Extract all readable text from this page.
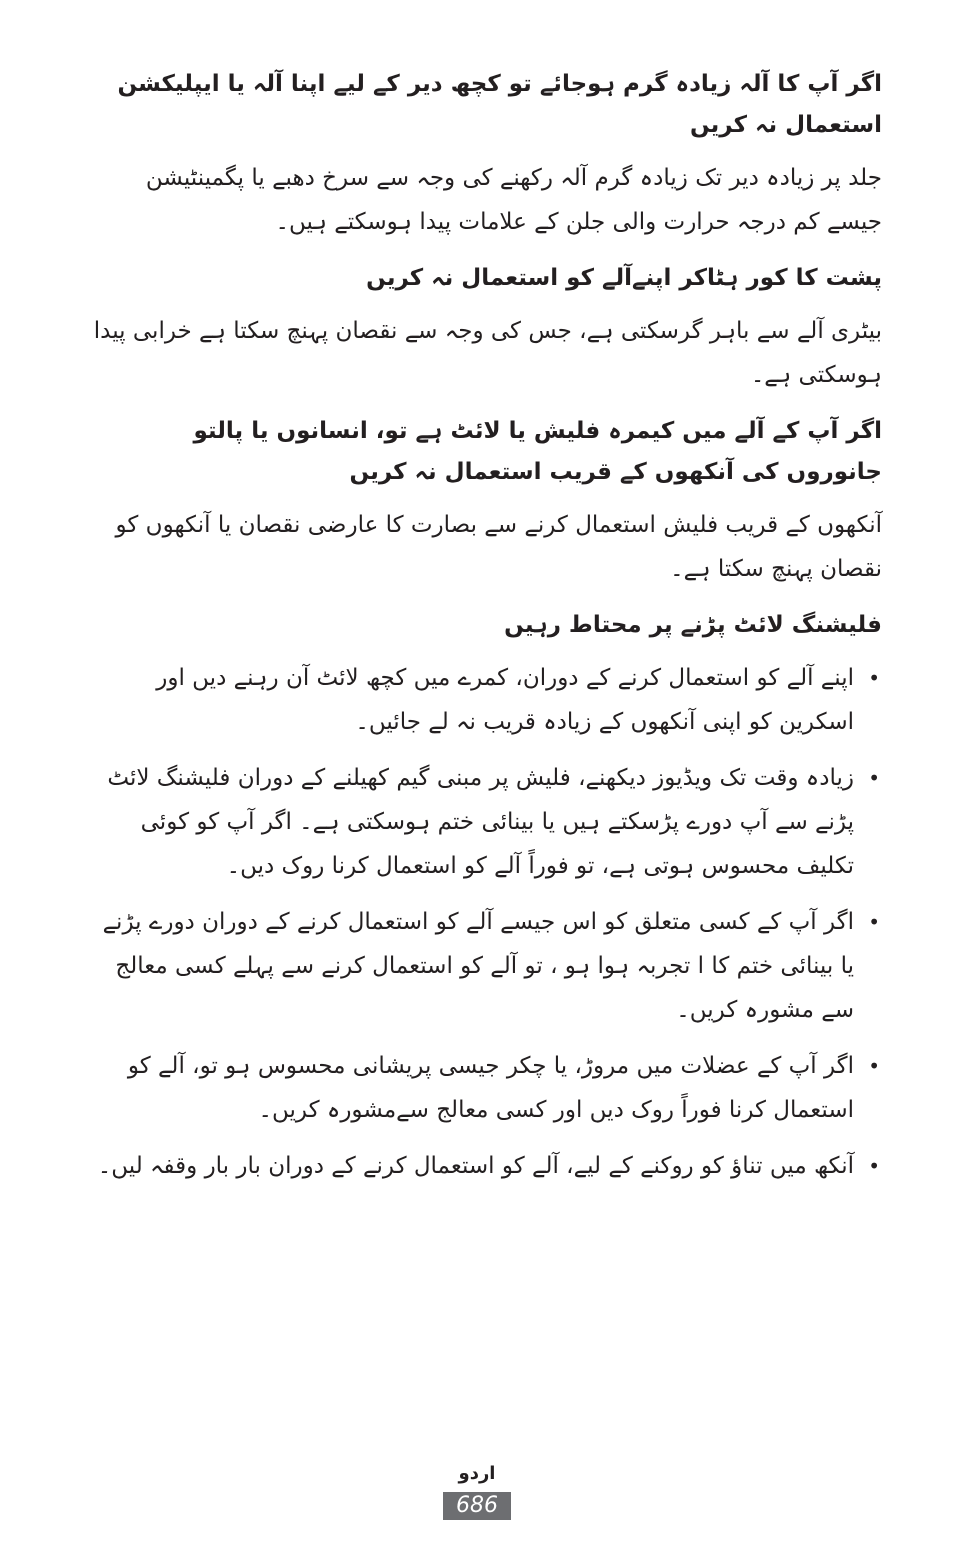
اگر آپ کا آلہ زیادہ گرم ہوجائے تو کچھ دیر کے لیے اپنا آلہ یا ایپلیکشن استعمال نہ کریں

جلد پر زیادہ دیر تک زیادہ گرم آلہ رکھنے کی وجہ سے سرخ دھبے یا پگمینٹیشن جیسے کم درجہ حرارت والی جلن کے علامات پیدا ہوسکتے ہیں۔

پشت کا کور ہٹاکر اپنےآلے کو استعمال نہ کریں

بیٹری آلے سے باہر گرسکتی ہے، جس کی وجہ سے نقصان پہنچ سکتا ہے خرابی پیدا ہوسکتی ہے۔

اگر آپ کے آلے میں کیمرہ فلیش یا لائٹ ہے تو، انسانوں یا پالتو جانوروں کی آنکھوں کے قریب استعمال نہ کریں

آنکھوں کے قریب فلیش استعمال کرنے سے بصارت کا عارضی نقصان یا آنکھوں کو نقصان پہنچ سکتا ہے۔

فلیشنگ لائٹ پڑنے پر محتاط رہیں
•
اپنے آلے کو استعمال کرنے کے دوران، کمرے میں کچھ لائٹ آن رہنے دیں اور اسکرین کو اپنی آنکھوں کے زیادہ قریب نہ لے جائیں۔
•
زیادہ وقت تک ویڈیوز دیکھنے، فلیش پر مبنی گیم کھیلنے کے دوران فلیشنگ لائٹ پڑنے سے آپ دورے پڑسکتے ہیں یا بینائی ختم ہوسکتی ہے۔ اگر آپ کو کوئی تکلیف محسوس ہوتی ہے، تو فوراً آلے کو استعمال کرنا روک دیں۔
•
اگر آپ کے کسی متعلق کو اس جیسے آلے کو استعمال کرنے کے دوران دورے پڑنے یا بینائی ختم کا ا تجربہ ہوا ہو ، تو آلے کو استعمال کرنے سے پہلے کسی معالج سے مشورہ کریں۔
•
اگر آپ کے عضلات میں مروڑ، یا چکر جیسی پریشانی محسوس ہو تو، آلے کو استعمال کرنا فوراً روک دیں اور کسی معالج سےمشورہ کریں۔
•
آنکھ میں تناؤ کو روکنے کے لیے، آلے کو استعمال کرنے کے دوران بار بار وقفہ لیں۔
اردو
686
